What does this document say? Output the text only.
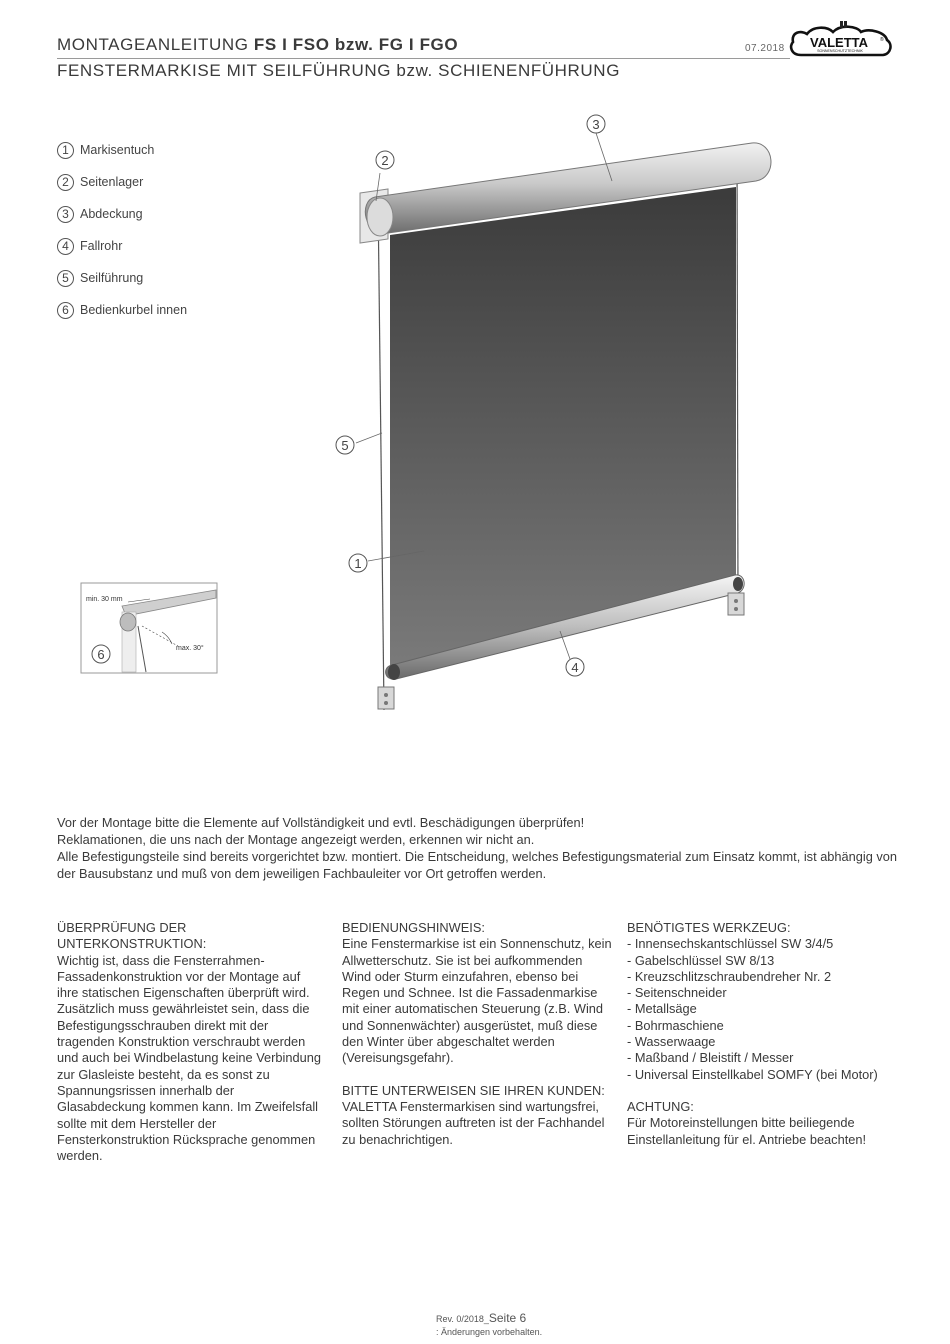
MONTAGEANLEITUNG FS I FSO bzw. FG I FGO
FENSTERMARKISE MIT SEILFÜHRUNG bzw. SCHIENENFÜHRUNG
07.2018 VALETTA ®
SONNENSCHUTZTECHNIK
1 Markisentuch
2 Seitenlager
3 Abdeckung
4 Fallrohr
5 Seilführung
6 Bedienkurbel innen
3
2
5
1
4
min. 30 mm
max. 30°
6

Vor der Montage bitte die Elemente auf Vollständigkeit und evtl. Beschädigungen überprüfen!

Reklamationen, die uns nach der Montage angezeigt werden, erkennen wir nicht an.

Alle Befestigungsteile sind bereits vorgerichtet bzw. montiert. Die Entscheidung, welches Befestigungsmaterial zum Einsatz kommt, ist abhängig von der Bausubstanz und muß von dem jeweiligen Fachbauleiter vor Ort getroffen werden.

ÜBERPRÜFUNG DER UNTERKONSTRUKTION:

Wichtig ist, dass die Fensterrahmen-Fassadenkonstruktion vor der Montage auf ihre statischen Eigenschaften überprüft wird. Zusätzlich muss gewährleistet sein, dass die Befestigungsschrauben direkt mit der tragenden Konstruktion verschraubt werden und auch bei Windbelastung keine Verbindung zur Glasleiste besteht, da es sonst zu Spannungsrissen innerhalb der Glasabdeckung kommen kann. Im Zweifelsfall sollte mit dem Hersteller der Fensterkonstruktion Rücksprache genommen werden.

BEDIENUNGSHINWEIS:

Eine Fenstermarkise ist ein Sonnenschutz, kein Allwetterschutz. Sie ist bei aufkommenden Wind oder Sturm einzufahren, ebenso bei Regen und Schnee. Ist die Fassadenmarkise mit einer automatischen Steuerung (z.B. Wind und Sonnenwächter) ausgerüstet, muß diese den Winter über abgeschaltet werden (Vereisungsgefahr).

BITTE UNTERWEISEN SIE IHREN KUNDEN:

VALETTA Fenstermarkisen sind wartungsfrei, sollten Störungen auftreten ist der Fachhandel zu benachrichtigen.

BENÖTIGTES WERKZEUG:

- Innensechskantschlüssel SW 3/4/5

- Gabelschlüssel SW 8/13

- Kreuzschlitzschraubendreher Nr. 2

- Seitenschneider

- Metallsäge

- Bohrmaschiene

- Wasserwaage

- Maßband / Bleistift / Messer

- Universal Einstellkabel SOMFY (bei Motor)

ACHTUNG:

Für Motoreinstellungen bitte beiliegende Einstellanleitung für el. Antriebe beachten!

Rev. 0/2018_Seite 6
: Änderungen vorbehalten.
